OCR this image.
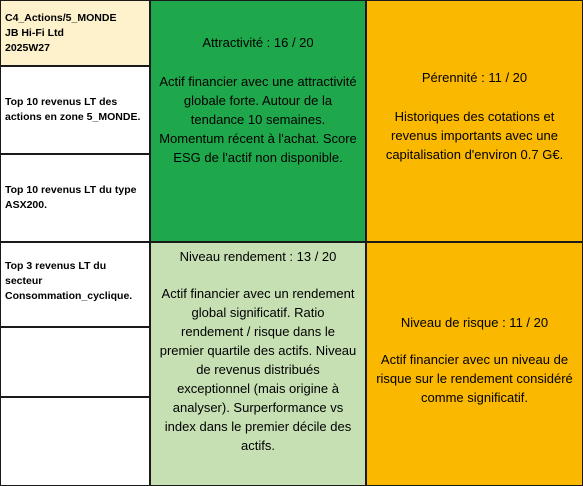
C4_Actions/5_MONDE
JB Hi-Fi Ltd
2025W27
Top 10 revenus LT des actions en zone 5_MONDE.
Top 10 revenus LT du type ASX200.
Top 3 revenus LT du secteur Consommation_cyclique.
Attractivité : 16 / 20
Actif financier avec une attractivité globale forte. Autour de la tendance 10 semaines. Momentum récent à l'achat. Score ESG de l'actif non disponible.
Pérennité : 11 / 20
Historiques des cotations et revenus importants avec une capitalisation d'environ 0.7 G€.
Niveau rendement : 13 / 20
Actif financier avec un rendement global significatif. Ratio rendement / risque dans le premier quartile des actifs. Niveau de revenus distribués exceptionnel (mais origine à analyser). Surperformance vs index dans le premier décile des actifs.
Niveau de risque : 11 / 20
Actif financier avec un niveau de risque sur le rendement considéré comme significatif.
